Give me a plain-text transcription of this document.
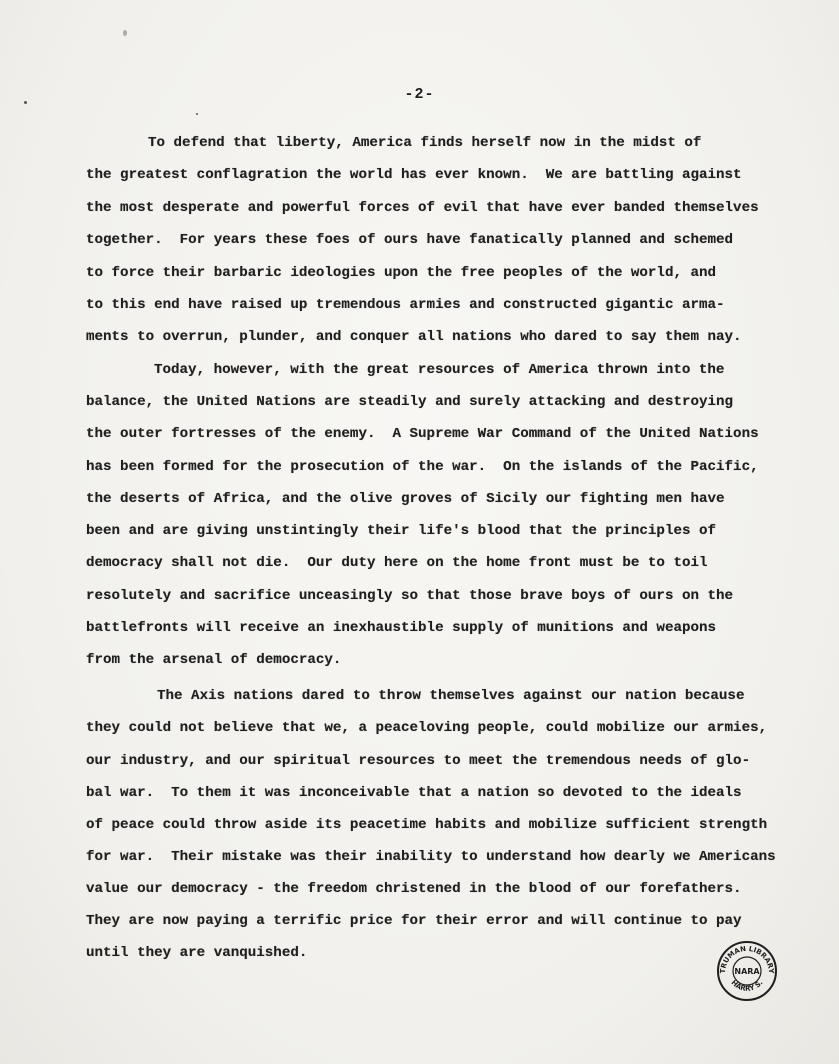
-2-
To defend that liberty, America finds herself now in the midst of
the greatest conflagration the world has ever known.  We are battling against
the most desperate and powerful forces of evil that have ever banded themselves
together.  For years these foes of ours have fanatically planned and schemed
to force their barbaric ideologies upon the free peoples of the world, and
to this end have raised up tremendous armies and constructed gigantic arma-
ments to overrun, plunder, and conquer all nations who dared to say them nay.
Today, however, with the great resources of America thrown into the
balance, the United Nations are steadily and surely attacking and destroying
the outer fortresses of the enemy.  A Supreme War Command of the United Nations
has been formed for the prosecution of the war.  On the islands of the Pacific,
the deserts of Africa, and the olive groves of Sicily our fighting men have
been and are giving unstintingly their life's blood that the principles of
democracy shall not die.  Our duty here on the home front must be to toil
resolutely and sacrifice unceasingly so that those brave boys of ours on the
battlefronts will receive an inexhaustible supply of munitions and weapons
from the arsenal of democracy.
The Axis nations dared to throw themselves against our nation because
they could not believe that we, a peaceloving people, could mobilize our armies,
our industry, and our spiritual resources to meet the tremendous needs of glo-
bal war.  To them it was inconceivable that a nation so devoted to the ideals
of peace could throw aside its peacetime habits and mobilize sufficient strength
for war.  Their mistake was their inability to understand how dearly we Americans
value our democracy - the freedom christened in the blood of our forefathers.
They are now paying a terrific price for their error and will continue to pay
until they are vanquished.
TRUMAN LIBRARY
HARRY S.
NARA
